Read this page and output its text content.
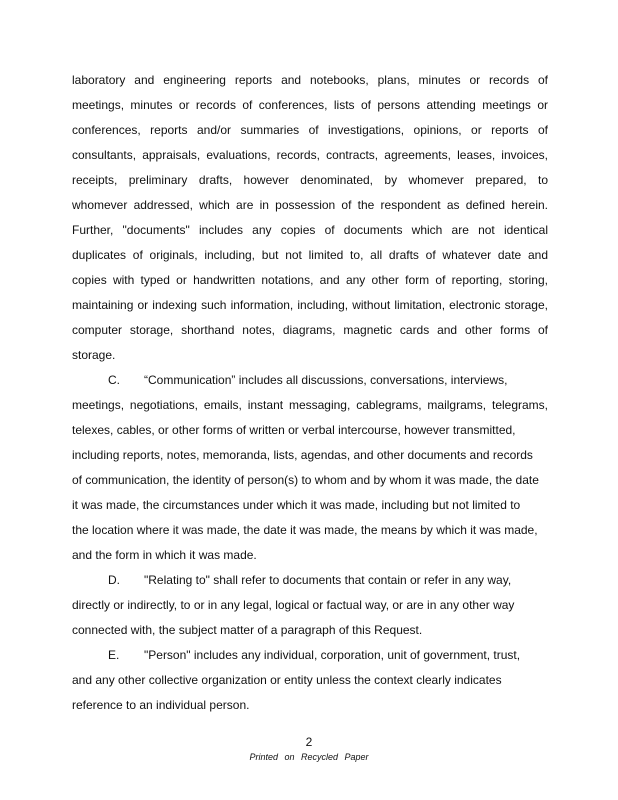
laboratory and engineering reports and notebooks, plans, minutes or records of
meetings, minutes or records of conferences, lists of persons attending meetings or
conferences, reports and/or summaries of investigations, opinions, or reports of
consultants, appraisals, evaluations, records, contracts, agreements, leases, invoices,
receipts, preliminary drafts, however denominated, by whomever prepared, to
whomever addressed, which are in possession of the respondent as defined herein.
Further, "documents" includes any copies of documents which are not identical
duplicates of originals, including, but not limited to, all drafts of whatever date and
copies with typed or handwritten notations, and any other form of reporting, storing,
maintaining or indexing such information, including, without limitation, electronic storage,
computer storage, shorthand notes, diagrams, magnetic cards and other forms of
storage.
C. “Communication” includes all discussions, conversations, interviews,
meetings, negotiations, emails, instant messaging, cablegrams, mailgrams, telegrams,
telexes, cables, or other forms of written or verbal intercourse, however transmitted,
including reports, notes, memoranda, lists, agendas, and other documents and records
of communication, the identity of person(s) to whom and by whom it was made, the date
it was made, the circumstances under which it was made, including but not limited to
the location where it was made, the date it was made, the means by which it was made,
and the form in which it was made.
D. "Relating to" shall refer to documents that contain or refer in any way,
directly or indirectly, to or in any legal, logical or factual way, or are in any other way
connected with, the subject matter of a paragraph of this Request.
E. "Person" includes any individual, corporation, unit of government, trust,
and any other collective organization or entity unless the context clearly indicates
reference to an individual person.
2
Printed on Recycled Paper
